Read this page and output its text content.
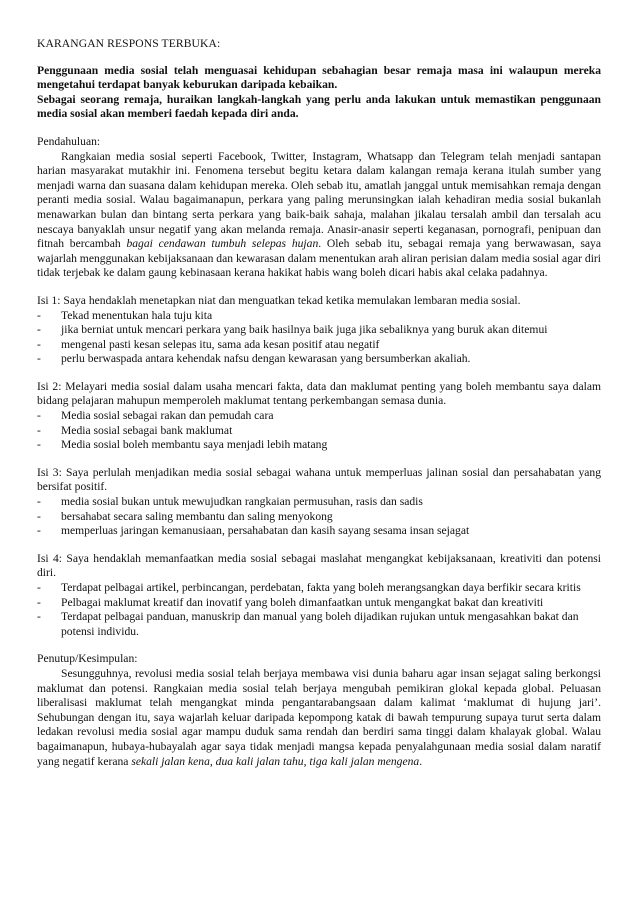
KARANGAN RESPONS TERBUKA:

Penggunaan media sosial telah menguasai kehidupan sebahagian besar remaja masa ini walaupun mereka mengetahui terdapat banyak keburukan daripada kebaikan.

Sebagai seorang remaja, huraikan langkah-langkah yang perlu anda lakukan untuk memastikan penggunaan media sosial akan memberi faedah kepada diri anda.

Pendahuluan:

Rangkaian media sosial seperti Facebook, Twitter, Instagram, Whatsapp dan Telegram telah menjadi santapan harian masyarakat mutakhir ini. Fenomena tersebut begitu ketara dalam kalangan remaja kerana itulah sumber yang menjadi warna dan suasana dalam kehidupan mereka. Oleh sebab itu, amatlah janggal untuk memisahkan remaja dengan peranti media sosial. Walau bagaimanapun, perkara yang paling merunsingkan ialah kehadiran media sosial bukanlah menawarkan bulan dan bintang serta perkara yang baik-baik sahaja, malahan jikalau tersalah ambil dan tersalah acu nescaya banyaklah unsur negatif yang akan melanda remaja. Anasir-anasir seperti keganasan, pornografi, penipuan dan fitnah bercambah bagai cendawan tumbuh selepas hujan. Oleh sebab itu, sebagai remaja yang berwawasan, saya wajarlah menggunakan kebijaksanaan dan kewarasan dalam menentukan arah aliran perisian dalam media sosial agar diri tidak terjebak ke dalam gaung kebinasaan kerana hakikat habis wang boleh dicari habis akal celaka padahnya.

Isi 1: Saya hendaklah menetapkan niat dan menguatkan tekad ketika memulakan lembaran media sosial.

- Tekad menentukan hala tuju kita
- jika berniat untuk mencari perkara yang baik hasilnya baik juga jika sebaliknya yang buruk akan ditemui
- mengenal pasti kesan selepas itu, sama ada kesan positif atau negatif
- perlu berwaspada antara kehendak nafsu dengan kewarasan yang bersumberkan akaliah.

Isi 2: Melayari media sosial dalam usaha mencari fakta, data dan maklumat penting yang boleh membantu saya dalam bidang pelajaran mahupun memperoleh maklumat tentang perkembangan semasa dunia.

- Media sosial sebagai rakan dan pemudah cara
- Media sosial sebagai bank maklumat
- Media sosial boleh membantu saya menjadi lebih matang

Isi 3: Saya perlulah menjadikan media sosial sebagai wahana untuk memperluas jalinan sosial dan persahabatan yang bersifat positif.

- media sosial bukan untuk mewujudkan rangkaian permusuhan, rasis dan sadis
- bersahabat secara saling membantu dan saling menyokong
- memperluas jaringan kemanusiaan, persahabatan dan kasih sayang sesama insan sejagat

Isi 4: Saya hendaklah memanfaatkan media sosial sebagai maslahat mengangkat kebijaksanaan, kreativiti dan potensi diri.

- Terdapat pelbagai artikel, perbincangan, perdebatan, fakta yang boleh merangsangkan daya berfikir secara kritis
- Pelbagai maklumat kreatif dan inovatif yang boleh dimanfaatkan untuk mengangkat bakat dan kreativiti
- Terdapat pelbagai panduan, manuskrip dan manual yang boleh dijadikan rujukan untuk mengasahkan bakat dan potensi individu.

Penutup/Kesimpulan:

Sesungguhnya, revolusi media sosial telah berjaya membawa visi dunia baharu agar insan sejagat saling berkongsi maklumat dan potensi. Rangkaian media sosial telah berjaya mengubah pemikiran glokal kepada global. Peluasan liberalisasi maklumat telah mengangkat minda pengantarabangsaan dalam kalimat ‘maklumat di hujung jari’. Sehubungan dengan itu, saya wajarlah keluar daripada kepompong katak di bawah tempurung supaya turut serta dalam ledakan revolusi media sosial agar mampu duduk sama rendah dan berdiri sama tinggi dalam khalayak global. Walau bagaimanapun, hubaya-hubayalah agar saya tidak menjadi mangsa kepada penyalahgunaan media sosial dalam naratif yang negatif kerana sekali jalan kena, dua kali jalan tahu, tiga kali jalan mengena.
